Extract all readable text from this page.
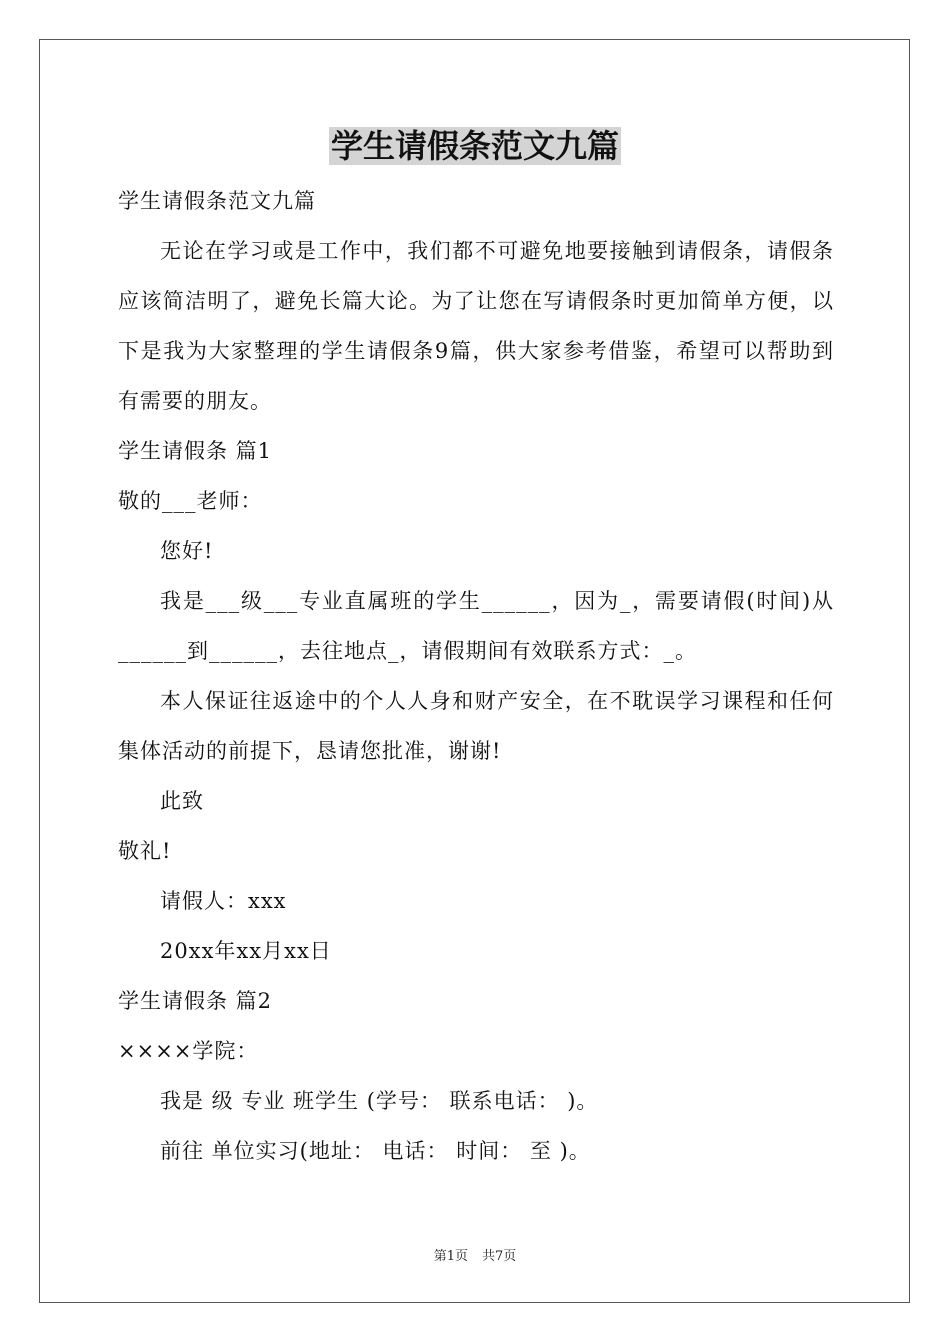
学生请假条范文九篇

学生请假条范文九篇

无论在学习或是工作中，我们都不可避免地要接触到请假条，请假条应该简洁明了，避免长篇大论。为了让您在写请假条时更加简单方便，以下是我为大家整理的学生请假条9篇，供大家参考借鉴，希望可以帮助到有需要的朋友。

学生请假条 篇1

敬的___老师：

您好!

我是___级___专业直属班的学生______，因为_，需要请假(时间)从______到______，去往地点_，请假期间有效联系方式：_。

本人保证往返途中的个人人身和财产安全，在不耽误学习课程和任何集体活动的前提下，恳请您批准，谢谢!

此致

敬礼!

请假人：xxx

20xx年xx月xx日

学生请假条 篇2

××××学院：

我是 级 专业 班学生 (学号： 联系电话： )。

前往 单位实习(地址： 电话： 时间： 至 )。

第1页 共7页
